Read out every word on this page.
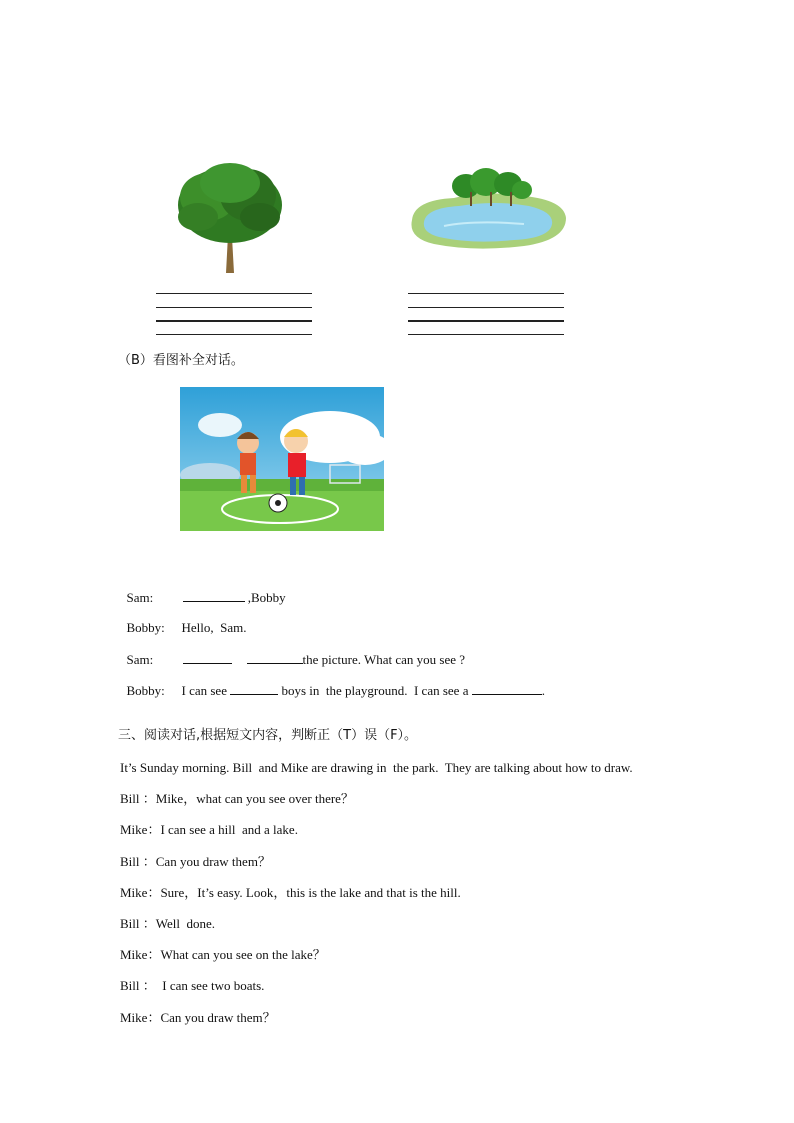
（B）看图补全对话。

Sam:	,Bobby

Bobby: Hello,  Sam.

Sam:	the picture. What can you see ?

Bobby: I can see	boys in  the playground.  I can see a	.

三、阅读对话,根据短文内容，判断正（T）误（F）。
It’s Sunday morning. Bill  and Mike are drawing in  the park.  They are talking about how to draw.
Bill ：Mike，what can you see over there？
Mike：I can see a hill  and a lake.
Bill ：Can you draw them？
Mike：Sure，It’s easy. Look，this is the lake and that is the hill.
Bill ：Well  done.
Mike：What can you see on the lake？
Bill ：  I can see two boats.
Mike：Can you draw them？
